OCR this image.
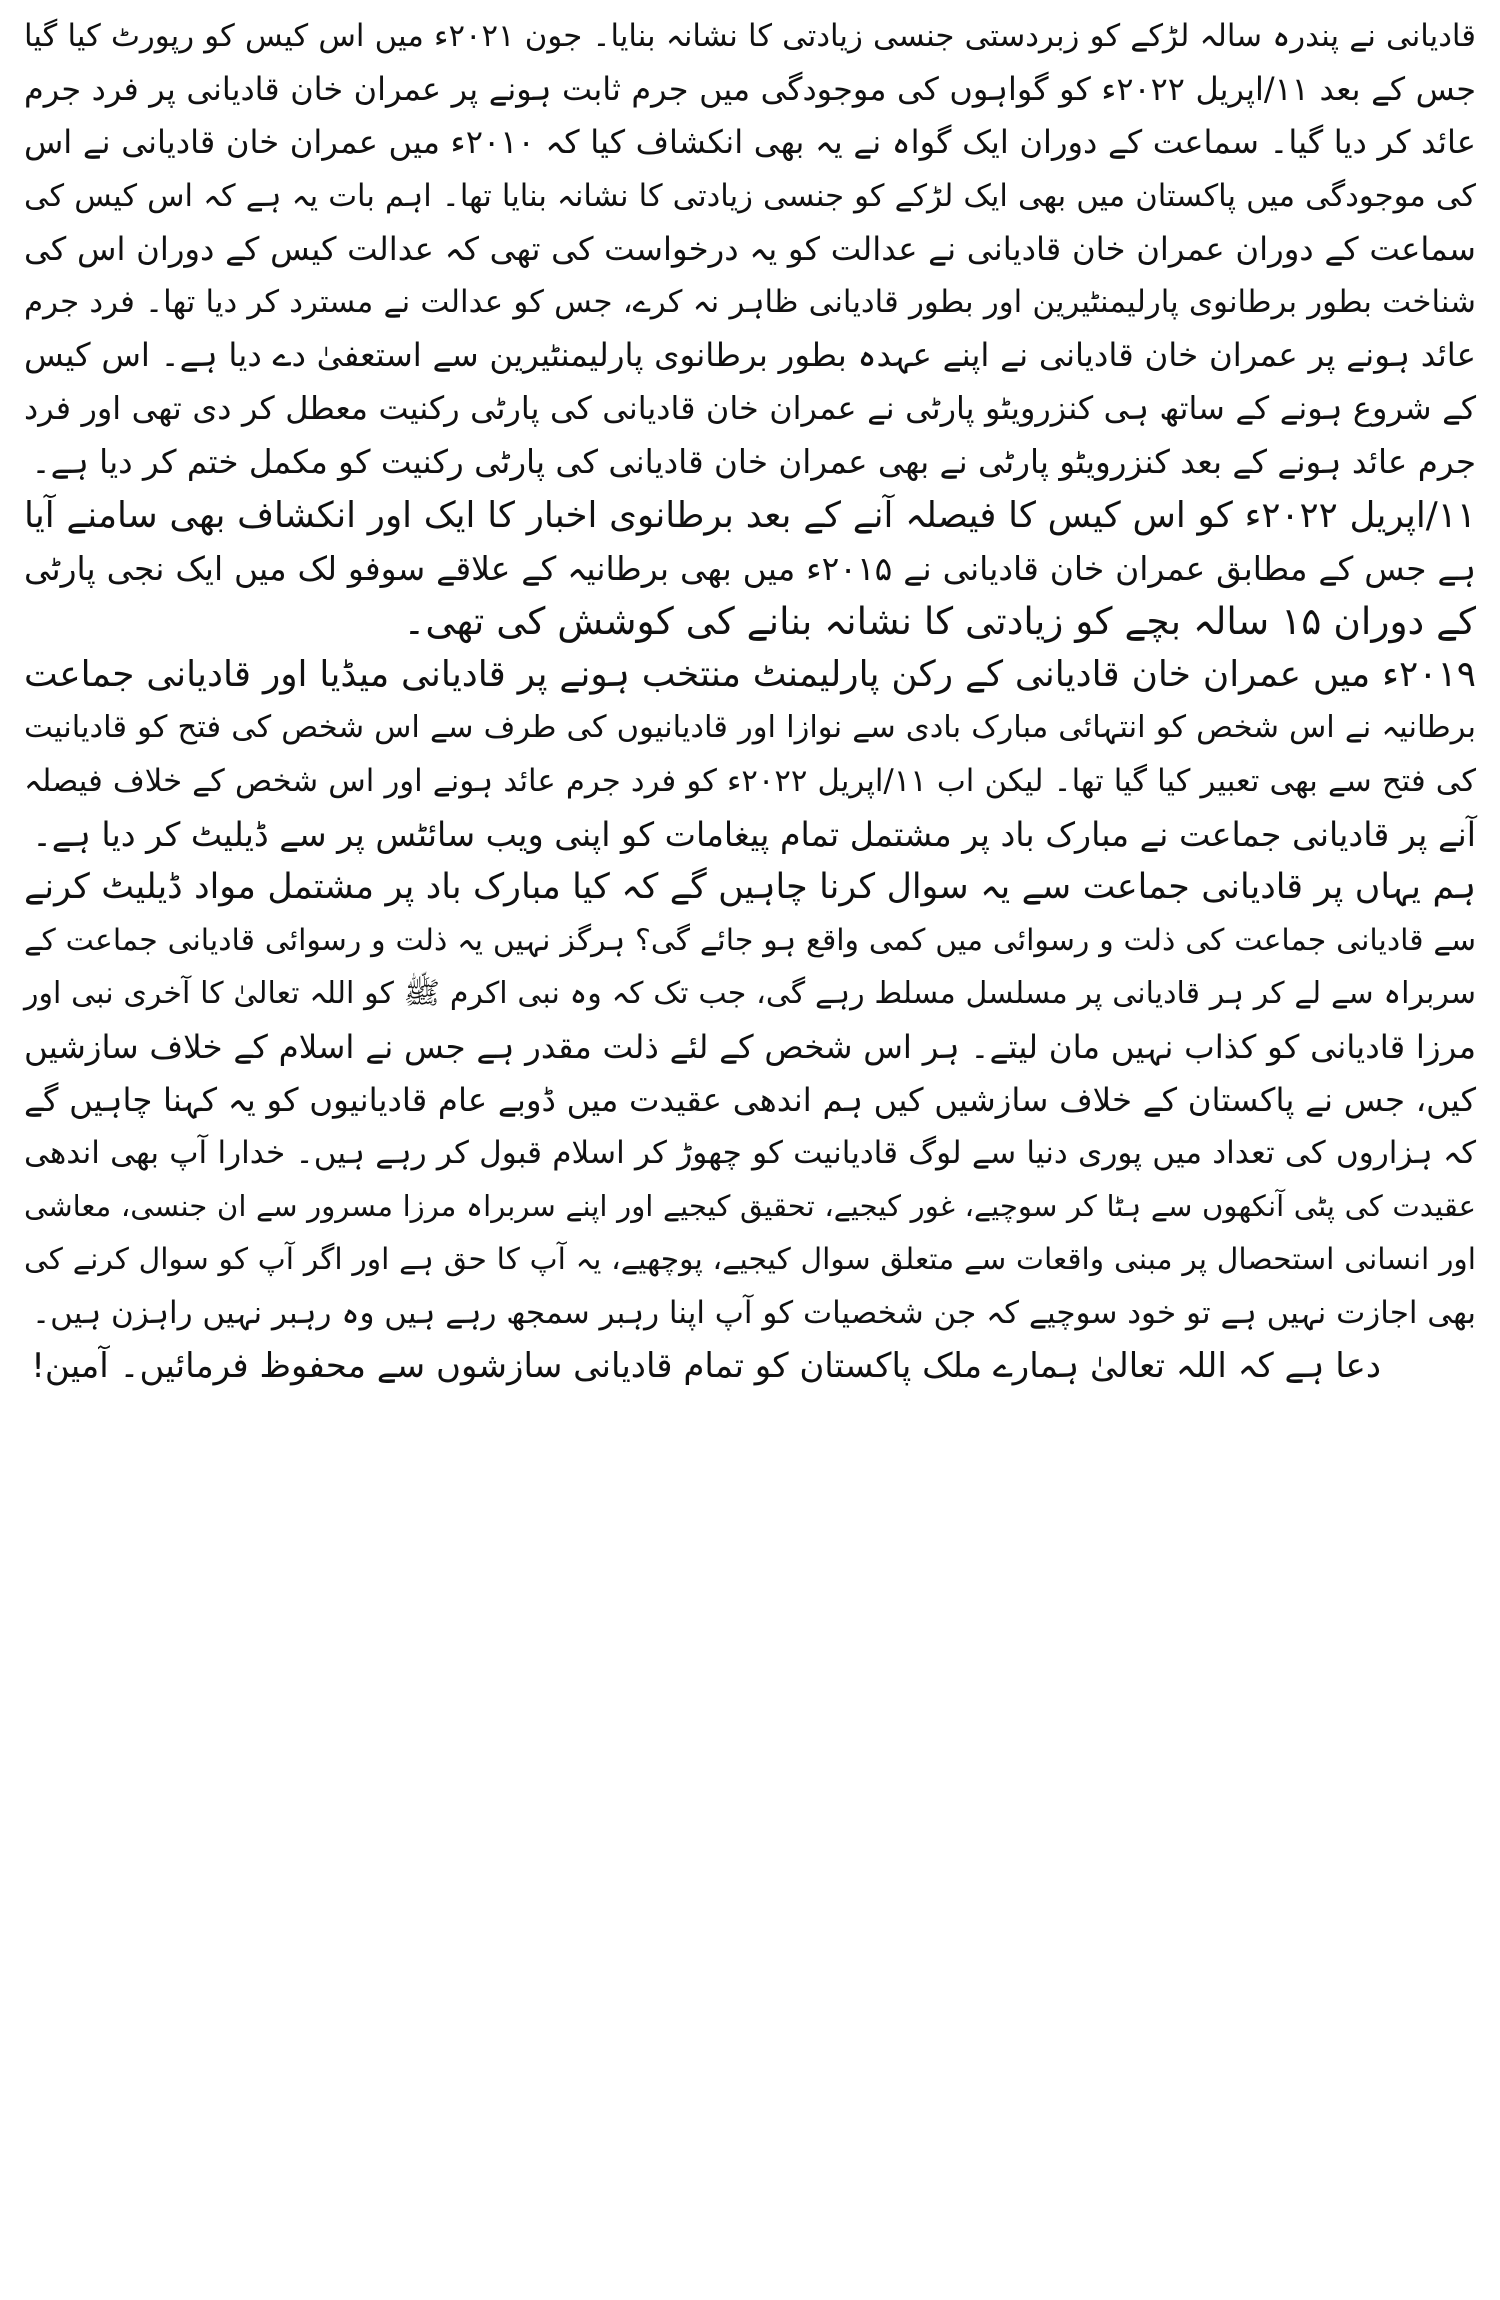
قادیانی نے پندرہ سالہ لڑکے کو زبردستی جنسی زیادتی کا نشانہ بنایا۔ جون ۲۰۲۱ء میں اس کیس کو رپورٹ کیا گیا
جس کے بعد ۱۱/اپریل ۲۰۲۲ء کو گواہوں کی موجودگی میں جرم ثابت ہونے پر عمران خان قادیانی پر فرد جرم
عائد کر دیا گیا۔ سماعت کے دوران ایک گواہ نے یہ بھی انکشاف کیا کہ ۲۰۱۰ء میں عمران خان قادیانی نے اس
کی موجودگی میں پاکستان میں بھی ایک لڑکے کو جنسی زیادتی کا نشانہ بنایا تھا۔ اہم بات یہ ہے کہ اس کیس کی
سماعت کے دوران عمران خان قادیانی نے عدالت کو یہ درخواست کی تھی کہ عدالت کیس کے دوران اس کی
شناخت بطور برطانوی پارلیمنٹیرین اور بطور قادیانی ظاہر نہ کرے، جس کو عدالت نے مسترد کر دیا تھا۔ فرد جرم
عائد ہونے پر عمران خان قادیانی نے اپنے عہدہ بطور برطانوی پارلیمنٹیرین سے استعفیٰ دے دیا ہے۔ اس کیس
کے شروع ہونے کے ساتھ ہی کنزرویٹو پارٹی نے عمران خان قادیانی کی پارٹی رکنیت معطل کر دی تھی اور فرد
جرم عائد ہونے کے بعد کنزرویٹو پارٹی نے بھی عمران خان قادیانی کی پارٹی رکنیت کو مکمل ختم کر دیا ہے۔
۱۱/اپریل ۲۰۲۲ء کو اس کیس کا فیصلہ آنے کے بعد برطانوی اخبار کا ایک اور انکشاف بھی سامنے آیا
ہے جس کے مطابق عمران خان قادیانی نے ۲۰۱۵ء میں بھی برطانیہ کے علاقے سوفو لک میں ایک نجی پارٹی
کے دوران ۱۵ سالہ بچے کو زیادتی کا نشانہ بنانے کی کوشش کی تھی۔
۲۰۱۹ء میں عمران خان قادیانی کے رکن پارلیمنٹ منتخب ہونے پر قادیانی میڈیا اور قادیانی جماعت
برطانیہ نے اس شخص کو انتہائی مبارک بادی سے نوازا اور قادیانیوں کی طرف سے اس شخص کی فتح کو قادیانیت
کی فتح سے بھی تعبیر کیا گیا تھا۔ لیکن اب ۱۱/اپریل ۲۰۲۲ء کو فرد جرم عائد ہونے اور اس شخص کے خلاف فیصلہ
آنے پر قادیانی جماعت نے مبارک باد پر مشتمل تمام پیغامات کو اپنی ویب سائٹس پر سے ڈیلیٹ کر دیا ہے۔
ہم یہاں پر قادیانی جماعت سے یہ سوال کرنا چاہیں گے کہ کیا مبارک باد پر مشتمل مواد ڈیلیٹ کرنے
سے قادیانی جماعت کی ذلت و رسوائی میں کمی واقع ہو جائے گی؟ ہرگز نہیں یہ ذلت و رسوائی قادیانی جماعت کے
سربراہ سے لے کر ہر قادیانی پر مسلسل مسلط رہے گی، جب تک کہ وہ نبی اکرم ﷺ کو اللہ تعالیٰ کا آخری نبی اور
مرزا قادیانی کو کذاب نہیں مان لیتے۔ ہر اس شخص کے لئے ذلت مقدر ہے جس نے اسلام کے خلاف سازشیں
کیں، جس نے پاکستان کے خلاف سازشیں کیں ہم اندھی عقیدت میں ڈوبے عام قادیانیوں کو یہ کہنا چاہیں گے
کہ ہزاروں کی تعداد میں پوری دنیا سے لوگ قادیانیت کو چھوڑ کر اسلام قبول کر رہے ہیں۔ خدارا آپ بھی اندھی
عقیدت کی پٹی آنکھوں سے ہٹا کر سوچیے، غور کیجیے، تحقیق کیجیے اور اپنے سربراہ مرزا مسرور سے ان جنسی، معاشی
اور انسانی استحصال پر مبنی واقعات سے متعلق سوال کیجیے، پوچھیے، یہ آپ کا حق ہے اور اگر آپ کو سوال کرنے کی
بھی اجازت نہیں ہے تو خود سوچیے کہ جن شخصیات کو آپ اپنا رہبر سمجھ رہے ہیں وہ رہبر نہیں راہزن ہیں۔
دعا ہے کہ اللہ تعالیٰ ہمارے ملک پاکستان کو تمام قادیانی سازشوں سے محفوظ فرمائیں۔ آمین!
